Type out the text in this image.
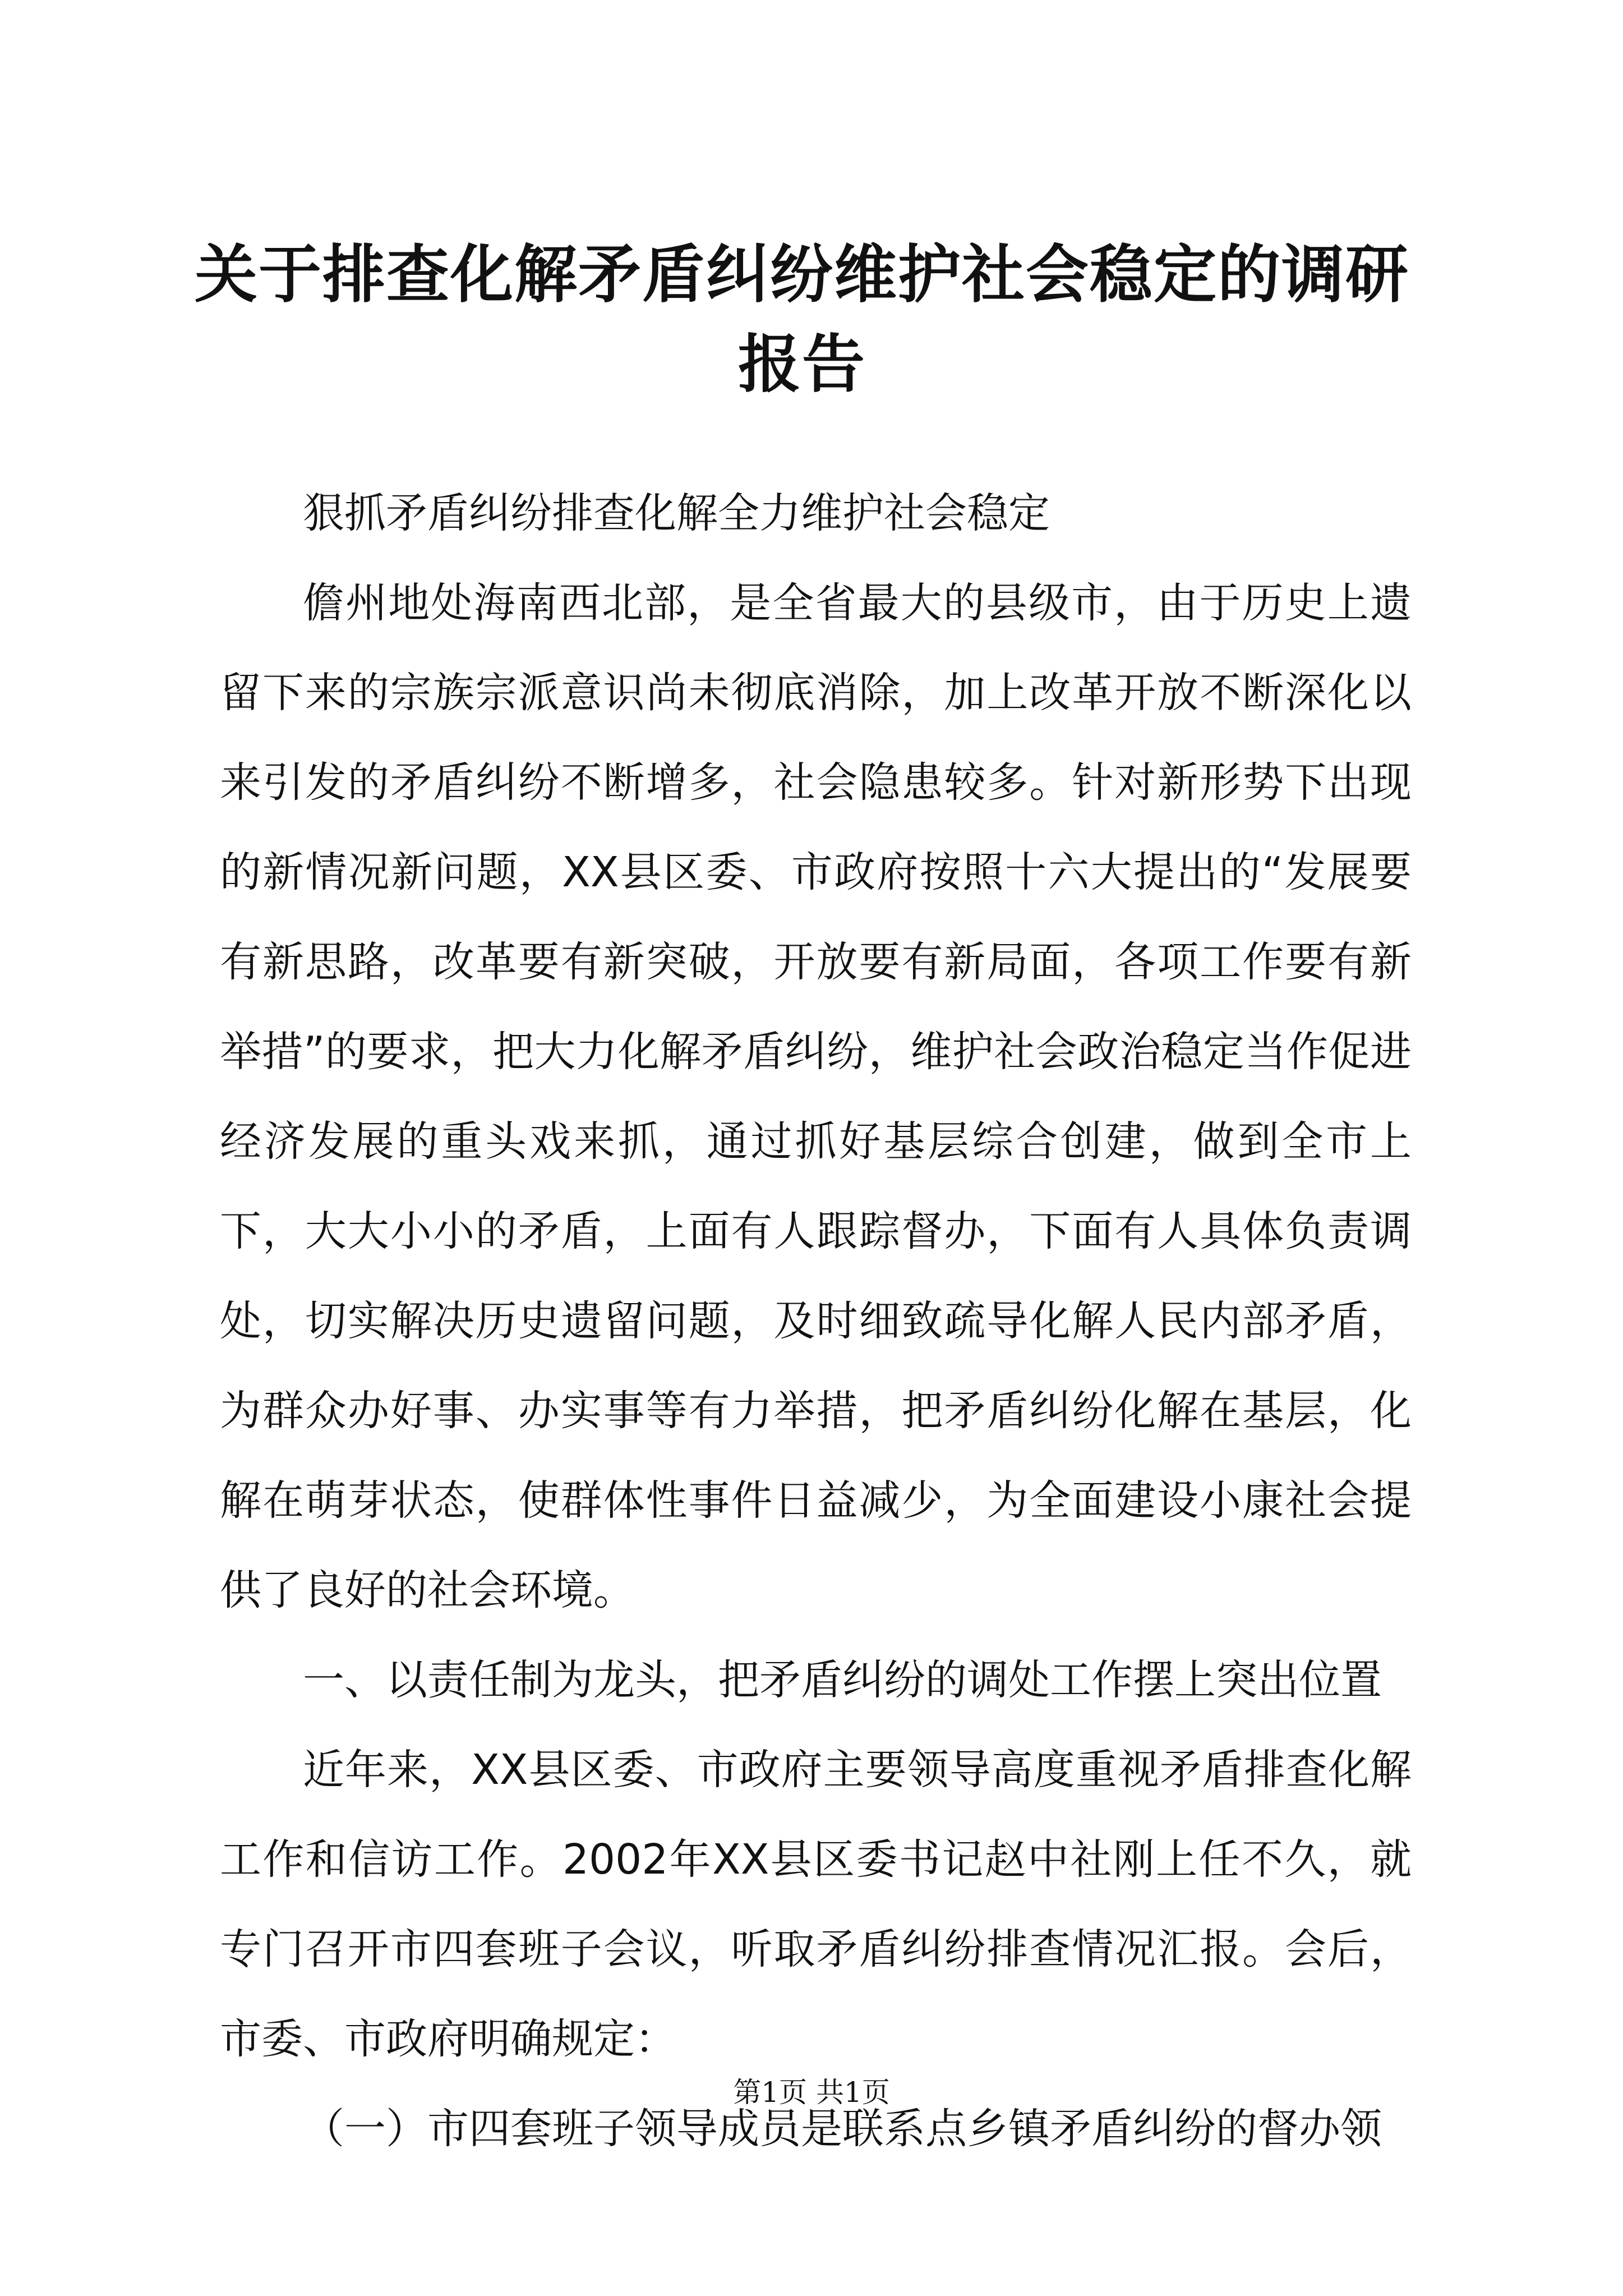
关于排查化解矛盾纠纷维护社会稳定的调研报告

狠抓矛盾纠纷排查化解全力维护社会稳定

儋州地处海南西北部，是全省最大的县级市，由于历史上遗留下来的宗族宗派意识尚未彻底消除，加上改革开放不断深化以来引发的矛盾纠纷不断增多，社会隐患较多。针对新形势下出现的新情况新问题，XX县区委、市政府按照十六大提出的“发展要有新思路，改革要有新突破，开放要有新局面，各项工作要有新举措”的要求，把大力化解矛盾纠纷，维护社会政治稳定当作促进经济发展的重头戏来抓，通过抓好基层综合创建，做到全市上下，大大小小的矛盾，上面有人跟踪督办，下面有人具体负责调处，切实解决历史遗留问题，及时细致疏导化解人民内部矛盾，为群众办好事、办实事等有力举措，把矛盾纠纷化解在基层，化解在萌芽状态，使群体性事件日益减少，为全面建设小康社会提供了良好的社会环境。

一、以责任制为龙头，把矛盾纠纷的调处工作摆上突出位置

近年来，XX县区委、市政府主要领导高度重视矛盾排查化解工作和信访工作。2002年XX县区委书记赵中社刚上任不久，就专门召开市四套班子会议，听取矛盾纠纷排查情况汇报。会后，市委、市政府明确规定：

（一）市四套班子领导成员是联系点乡镇矛盾纠纷的督办领

第1页 共1页
